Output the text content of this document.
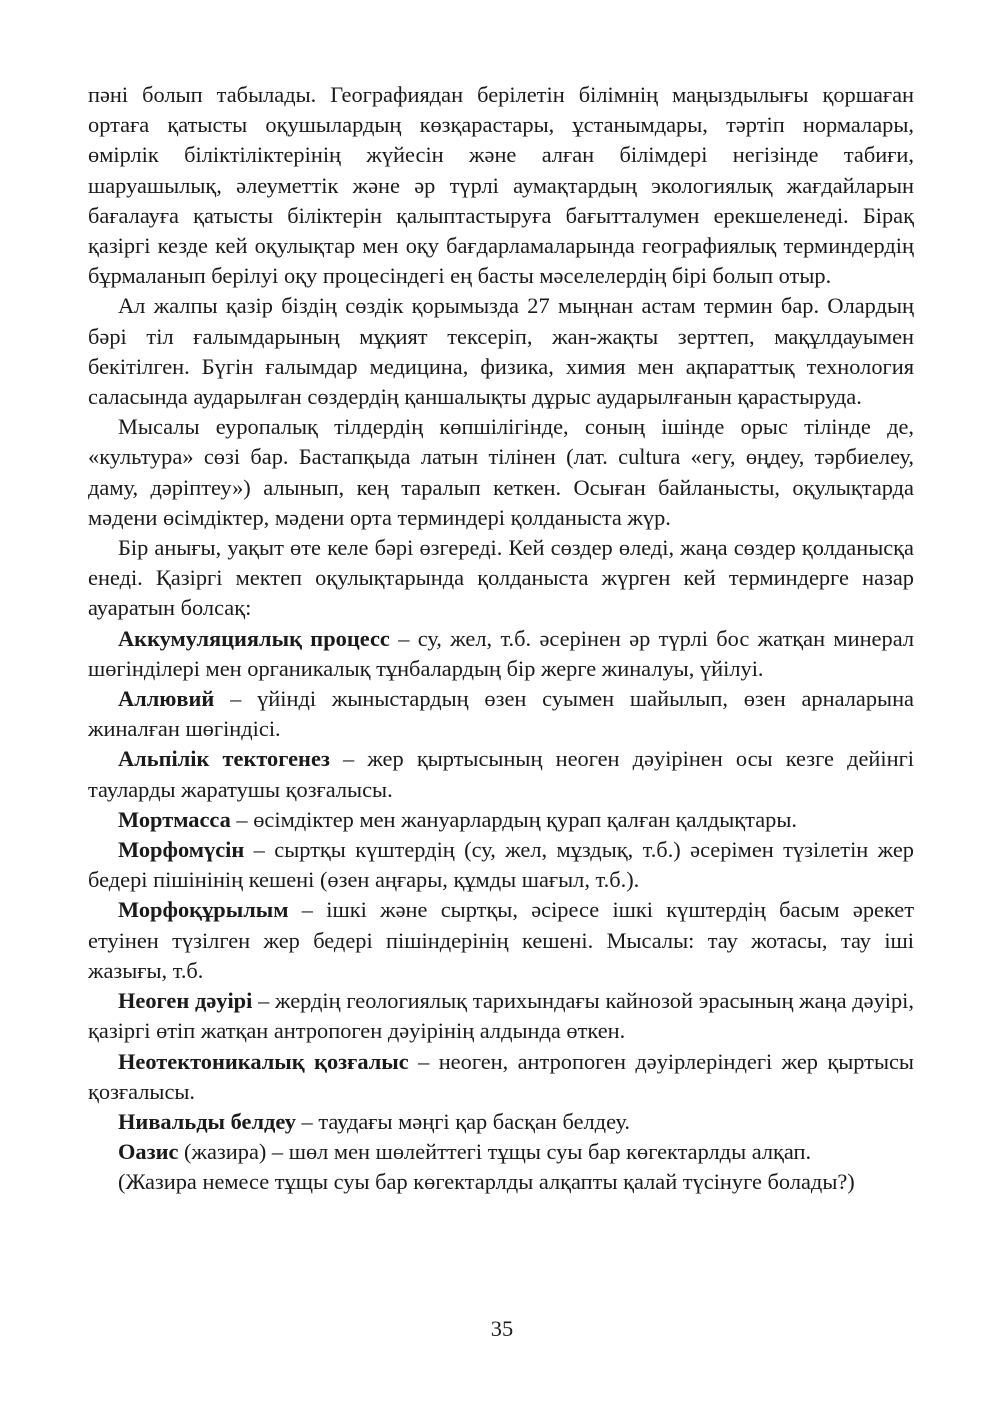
пәні болып табылады. Географиядан берілетін білімнің маңыздылығы қоршаған ортаға қатысты оқушылардың көзқарастары, ұстанымдары, тәртіп нормалары, өмірлік біліктіліктерінің жүйесін және алған білімдері негізінде табиғи, шаруашылық, әлеуметтік және әр түрлі аумақтардың экологиялық жағдайларын бағалауға қатысты біліктерін қалыптастыруға бағытталумен ерекшеленеді. Бірақ қазіргі кезде кей оқулықтар мен оқу бағдарламаларында географиялық терминдердің бұрмаланып берілуі оқу процесіндегі ең басты мәселелердің бірі болып отыр.

Ал жалпы қазір біздің сөздік қорымызда 27 мыңнан астам термин бар. Олардың бәрі тіл ғалымдарының мұқият тексеріп, жан-жақты зерттеп, мақұлдауымен бекітілген. Бүгін ғалымдар медицина, физика, химия мен ақпараттық технология саласында аударылған сөздердің қаншалықты дұрыс аударылғанын қарастыруда.

Мысалы еуропалық тілдердің көпшілігінде, соның ішінде орыс тілінде де, «культура» сөзі бар. Бастапқыда латын тілінен (лат. cultura «егу, өңдеу, тәрбиелеу, даму, дәріптеу») алынып, кең таралып кеткен. Осыған байланысты, оқулықтарда мәдени өсімдіктер, мәдени орта терминдері қолданыста жүр.

Бір анығы, уақыт өте келе бәрі өзгереді. Кей сөздер өледі, жаңа сөздер қолданысқа енеді. Қазіргі мектеп оқулықтарында қолданыста жүрген кей терминдерге назар ауаратын болсақ:

Аккумуляциялық процесс – су, жел, т.б. әсерінен әр түрлі бос жатқан минерал шөгінділері мен органикалық тұнбалардың бір жерге жиналуы, үйілуі.

Аллювий – үйінді жыныстардың өзен суымен шайылып, өзен арналарына жиналған шөгіндісі.

Альпілік тектогенез – жер қыртысының неоген дәуірінен осы кезге дейінгі тауларды жаратушы қозғалысы.

Мортмасса – өсімдіктер мен жануарлардың қурап қалған қалдықтары.

Морфомүсін – сыртқы күштердің (су, жел, мұздық, т.б.) әсерімен түзілетін жер бедері пішінінің кешені (өзен аңғары, құмды шағыл, т.б.).

Морфоқұрылым – ішкі және сыртқы, әсіресе ішкі күштердің басым әрекет етуінен түзілген жер бедері пішіндерінің кешені. Мысалы: тау жотасы, тау іші жазығы, т.б.

Неоген дәуірі – жердің геологиялық тарихындағы кайнозой эрасының жаңа дәуірі, қазіргі өтіп жатқан антропоген дәуірінің алдында өткен.

Неотектоникалық қозғалыс – неоген, антропоген дәуірлеріндегі жер қыртысы қозғалысы.

Нивальды белдеу – таудағы мәңгі қар басқан белдеу.

Оазис (жазира) – шөл мен шөлейттегі тұщы суы бар көгектарлды алқап.

(Жазира немесе тұщы суы бар көгектарлды алқапты қалай түсінуге болады?)

35
